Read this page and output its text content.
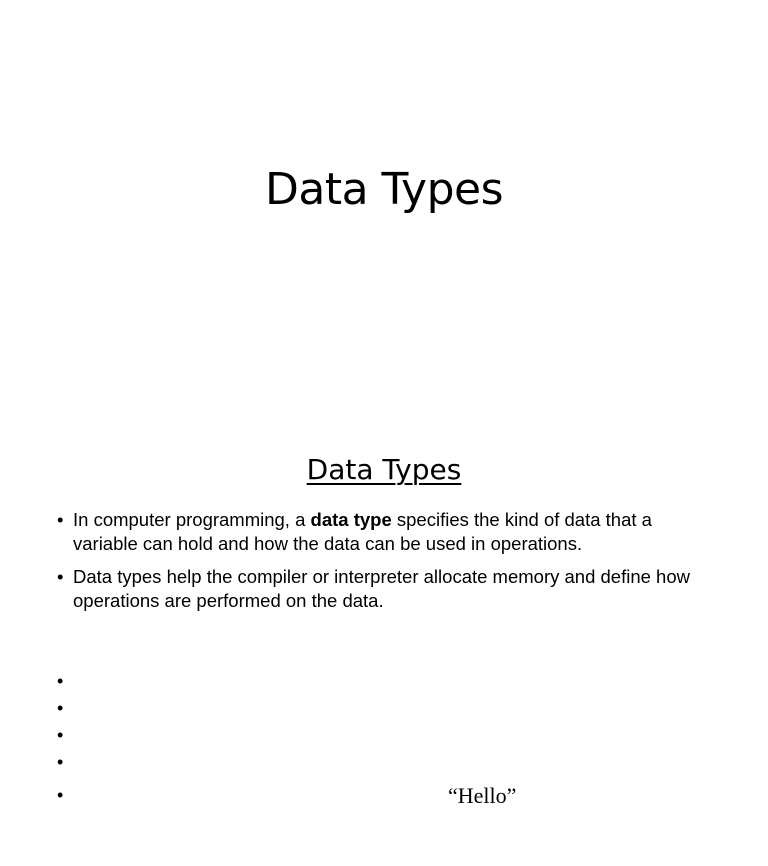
Data Types
Data Types
• In computer programming, a data type specifies the kind of data that a variable can hold and how the data can be used in operations.
• Data types help the compiler or interpreter allocate memory and define how operations are performed on the data.
•
•
•
•
• “Hello”
